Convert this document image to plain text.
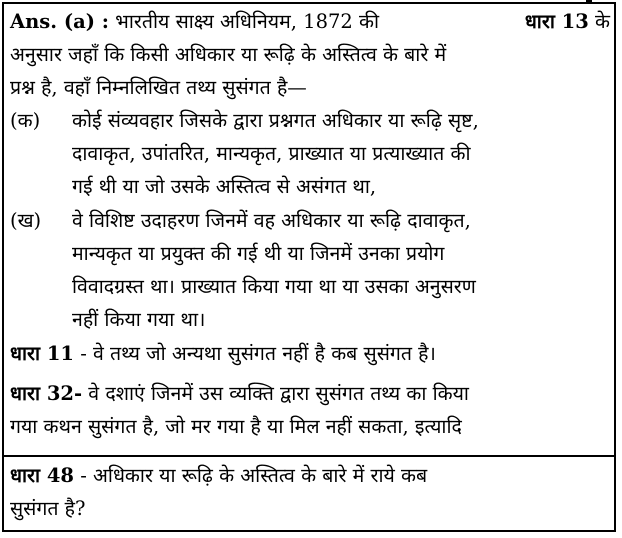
Ans. (a) : भारतीय साक्ष्य अधिनियम, 1872 की	धारा 13 के
अनुसार जहाँ कि किसी अधिकार या रूढ़ि के अस्तित्व के बारे में
प्रश्न है, वहाँ निम्नलिखित तथ्य सुसंगत है—
(क) कोई संव्यवहार जिसके द्वारा प्रश्नगत अधिकार या रूढ़ि सृष्ट,
दावाकृत, उपांतरित, मान्यकृत, प्राख्यात या प्रत्याख्यात की
गई थी या जो उसके अस्तित्व से असंगत था,
(ख) वे विशिष्ट उदाहरण जिनमें वह अधिकार या रूढ़ि दावाकृत,
मान्यकृत या प्रयुक्त की गई थी या जिनमें उनका प्रयोग
विवादग्रस्त था। प्राख्यात किया गया था या उसका अनुसरण
नहीं किया गया था।
धारा 11 - वे तथ्य जो अन्यथा सुसंगत नहीं है कब सुसंगत है।
धारा 32- वे दशाएं जिनमें उस व्यक्ति द्वारा सुसंगत तथ्य का किया
गया कथन सुसंगत है, जो मर गया है या मिल नहीं सकता, इत्यादि
धारा 48 - अधिकार या रूढ़ि के अस्तित्व के बारे में राये कब
सुसंगत है?
